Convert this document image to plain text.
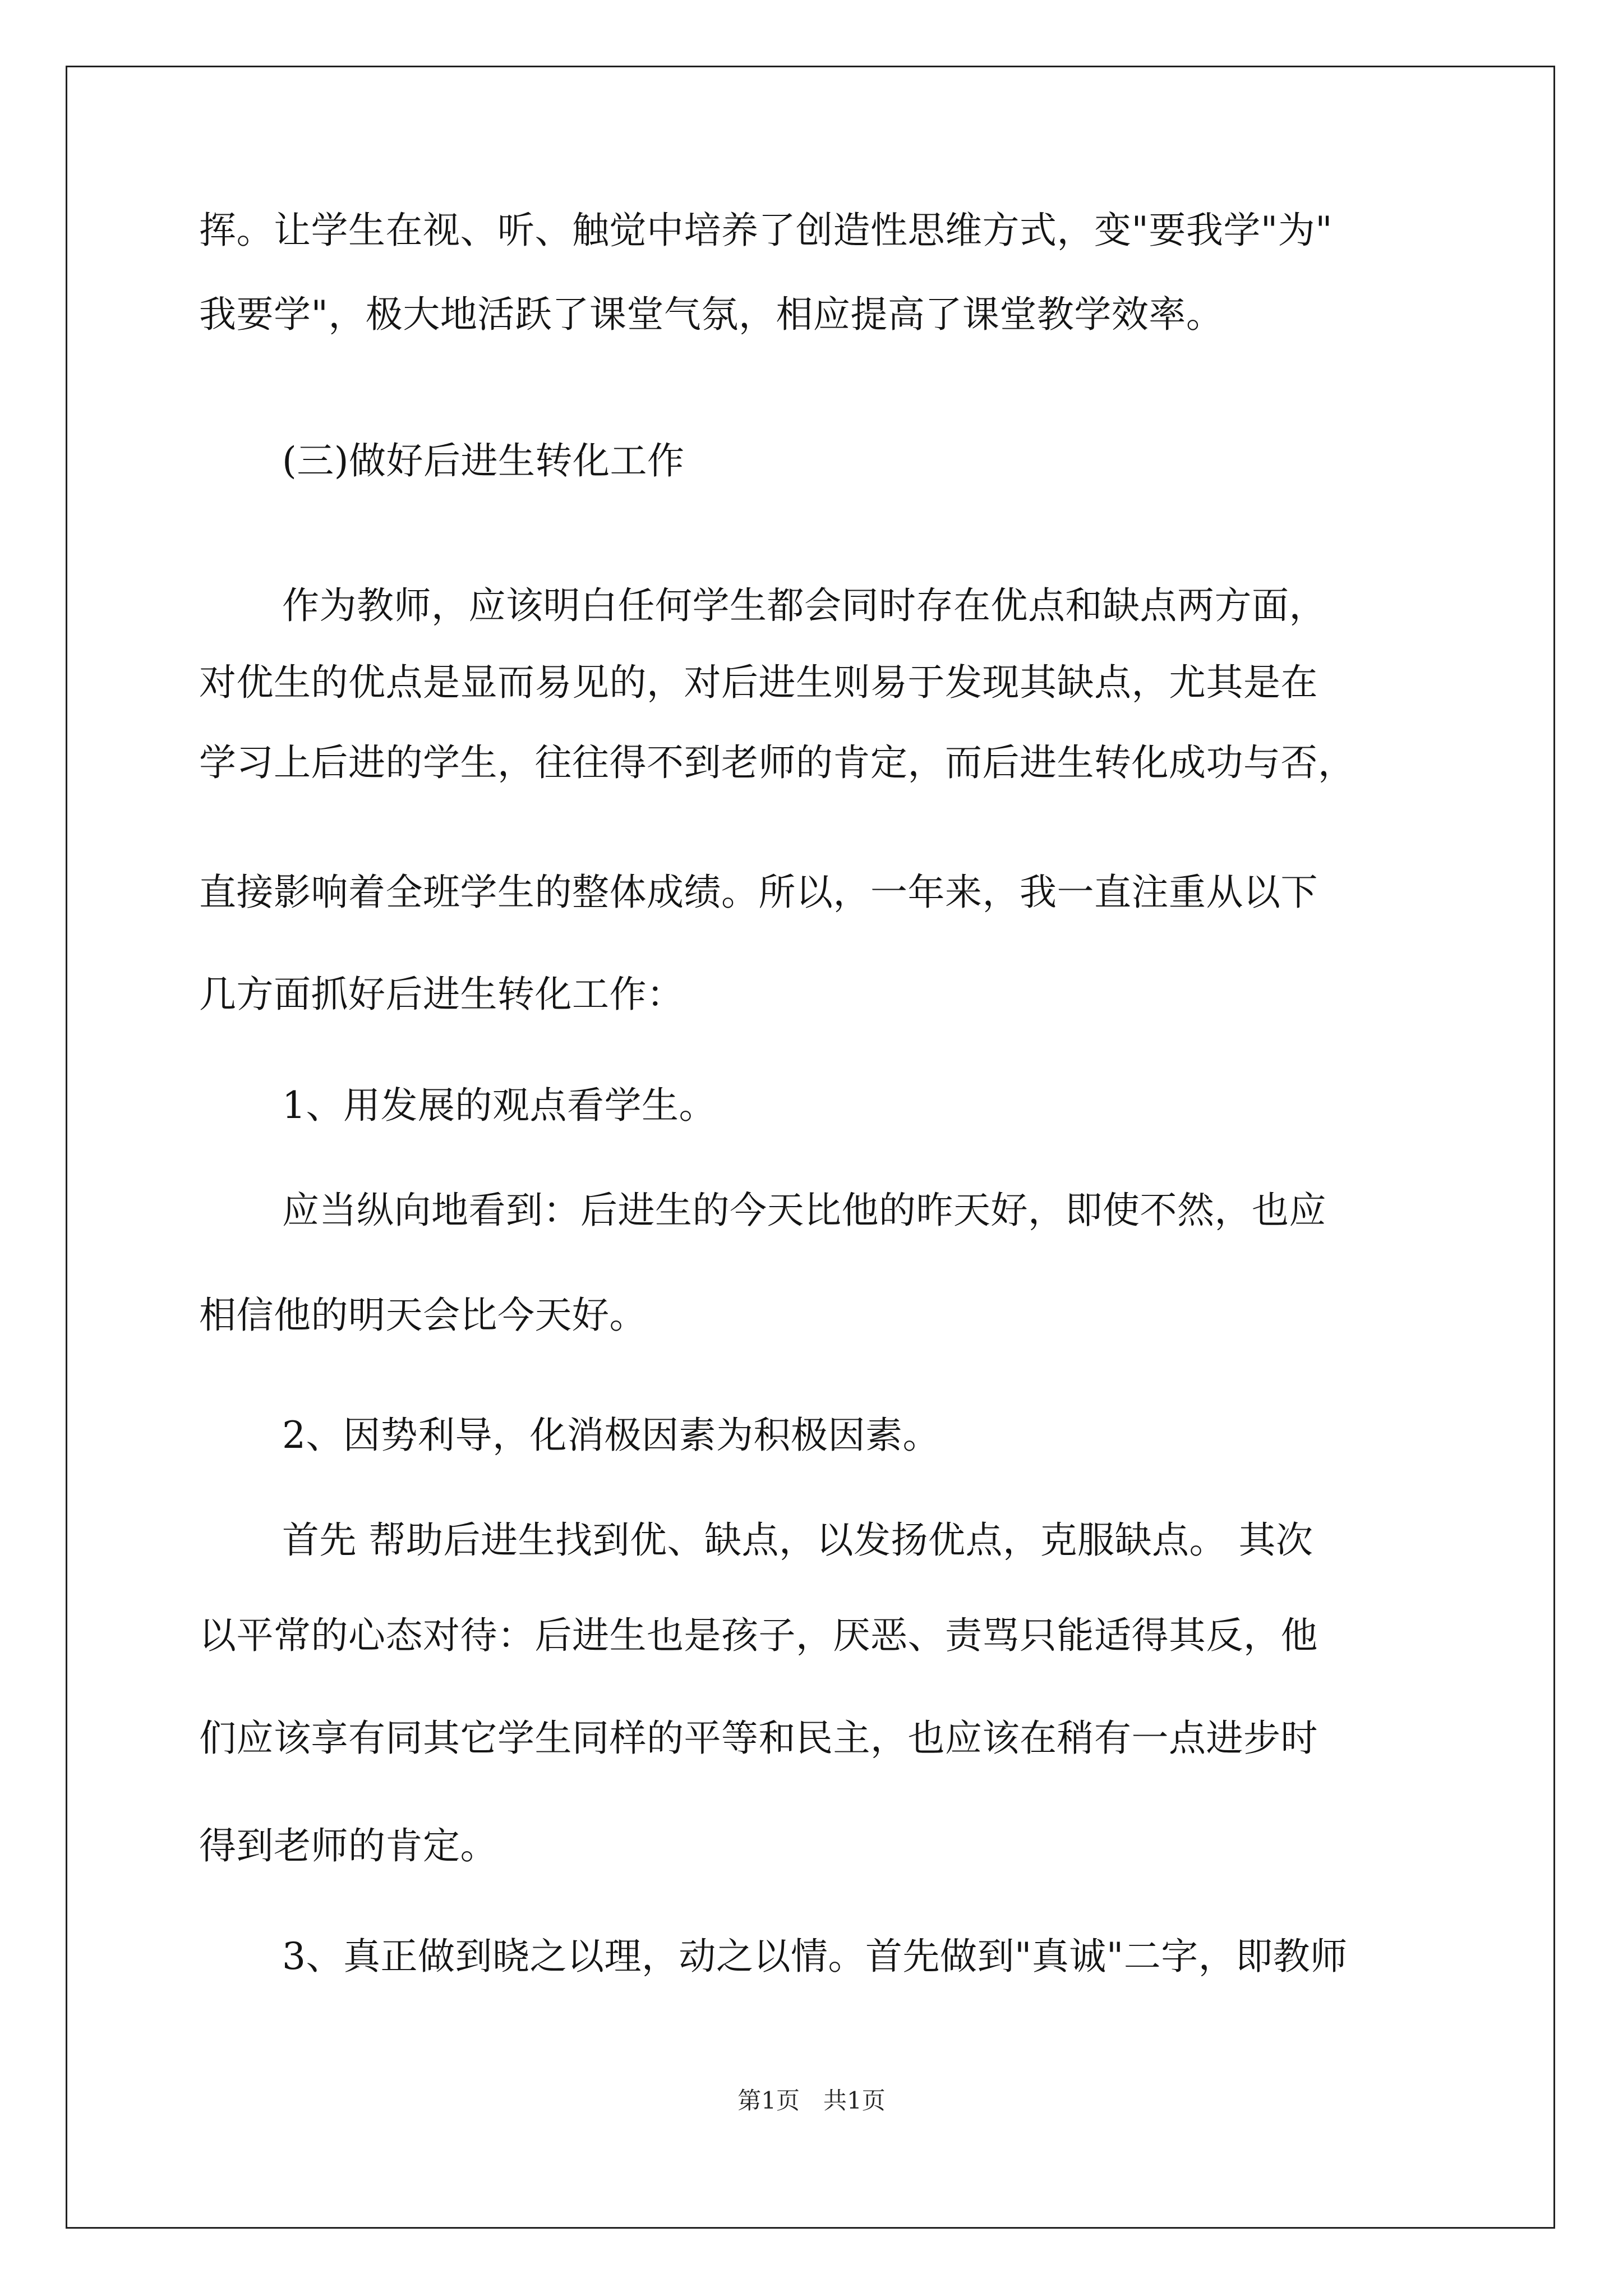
挥。让学生在视、听、触觉中培养了创造性思维方式，变"要我学"为"
我要学"，极大地活跃了课堂气氛，相应提高了课堂教学效率。
(三)做好后进生转化工作
作为教师，应该明白任何学生都会同时存在优点和缺点两方面，
对优生的优点是显而易见的，对后进生则易于发现其缺点，尤其是在
学习上后进的学生，往往得不到老师的肯定，而后进生转化成功与否，
直接影响着全班学生的整体成绩。所以，一年来，我一直注重从以下
几方面抓好后进生转化工作：
1、用发展的观点看学生。
应当纵向地看到：后进生的今天比他的昨天好，即使不然，也应
相信他的明天会比今天好。
2、因势利导，化消极因素为积极因素。
首先 帮助后进生找到优、缺点，以发扬优点，克服缺点。 其次
以平常的心态对待：后进生也是孩子，厌恶、责骂只能适得其反，他
们应该享有同其它学生同样的平等和民主，也应该在稍有一点进步时
得到老师的肯定。
3、真正做到晓之以理，动之以情。首先做到"真诚"二字，即教师
第1页　共1页
